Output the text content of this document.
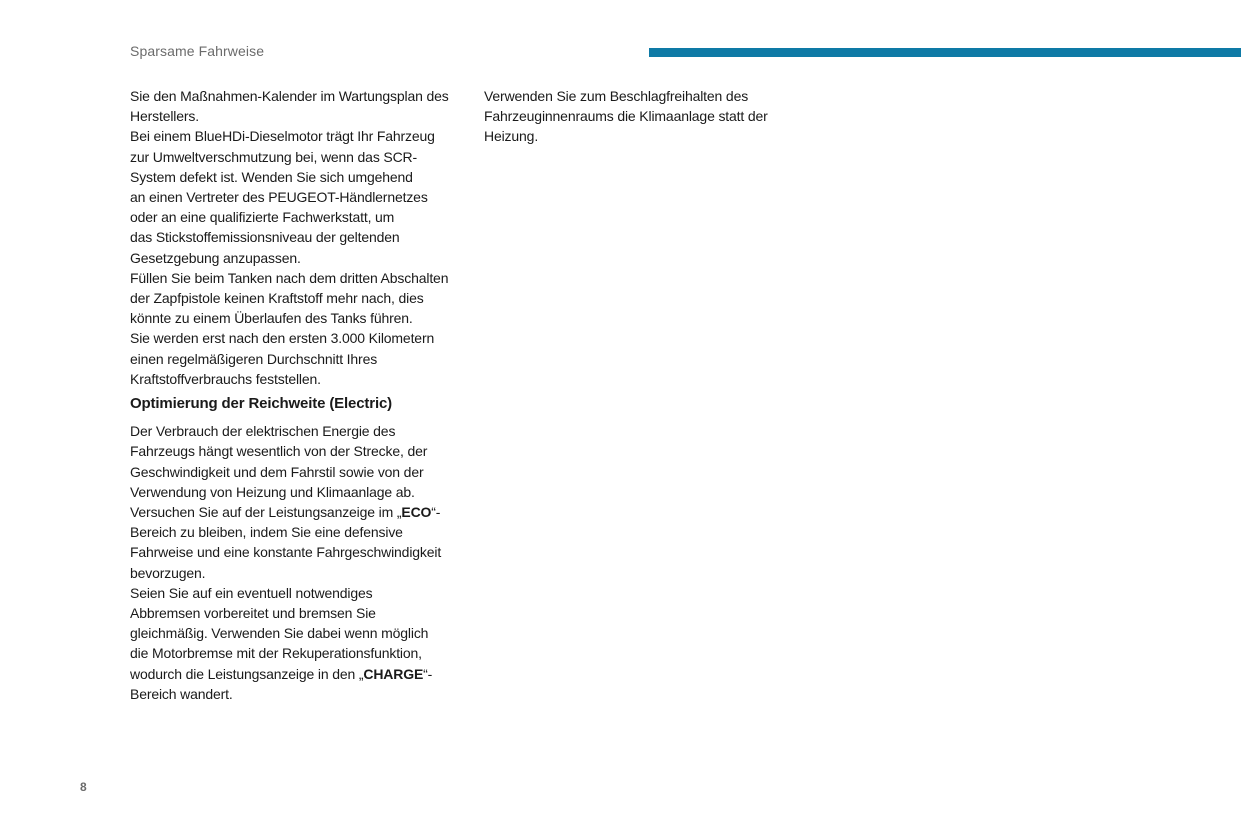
Sparsame Fahrweise
Sie den Maßnahmen-Kalender im Wartungsplan des
Herstellers.
Bei einem BlueHDi-Dieselmotor trägt Ihr Fahrzeug
zur Umweltverschmutzung bei, wenn das SCR-
System defekt ist. Wenden Sie sich umgehend
an einen Vertreter des PEUGEOT-Händlernetzes
oder an eine qualifizierte Fachwerkstatt, um
das Stickstoffemissionsniveau der geltenden
Gesetzgebung anzupassen.
Füllen Sie beim Tanken nach dem dritten Abschalten
der Zapfpistole keinen Kraftstoff mehr nach, dies
könnte zu einem Überlaufen des Tanks führen.
Sie werden erst nach den ersten 3.000 Kilometern
einen regelmäßigeren Durchschnitt Ihres
Kraftstoffverbrauchs feststellen.
Optimierung der Reichweite (Electric)
Der Verbrauch der elektrischen Energie des
Fahrzeugs hängt wesentlich von der Strecke, der
Geschwindigkeit und dem Fahrstil sowie von der
Verwendung von Heizung und Klimaanlage ab.
Versuchen Sie auf der Leistungsanzeige im „ECO“-
Bereich zu bleiben, indem Sie eine defensive
Fahrweise und eine konstante Fahrgeschwindigkeit
bevorzugen.
Seien Sie auf ein eventuell notwendiges
Abbremsen vorbereitet und bremsen Sie
gleichmäßig. Verwenden Sie dabei wenn möglich
die Motorbremse mit der Rekuperationsfunktion,
wodurch die Leistungsanzeige in den „CHARGE“-
Bereich wandert.
Verwenden Sie zum Beschlagfreihalten des
Fahrzeuginnenraums die Klimaanlage statt der
Heizung.
8
